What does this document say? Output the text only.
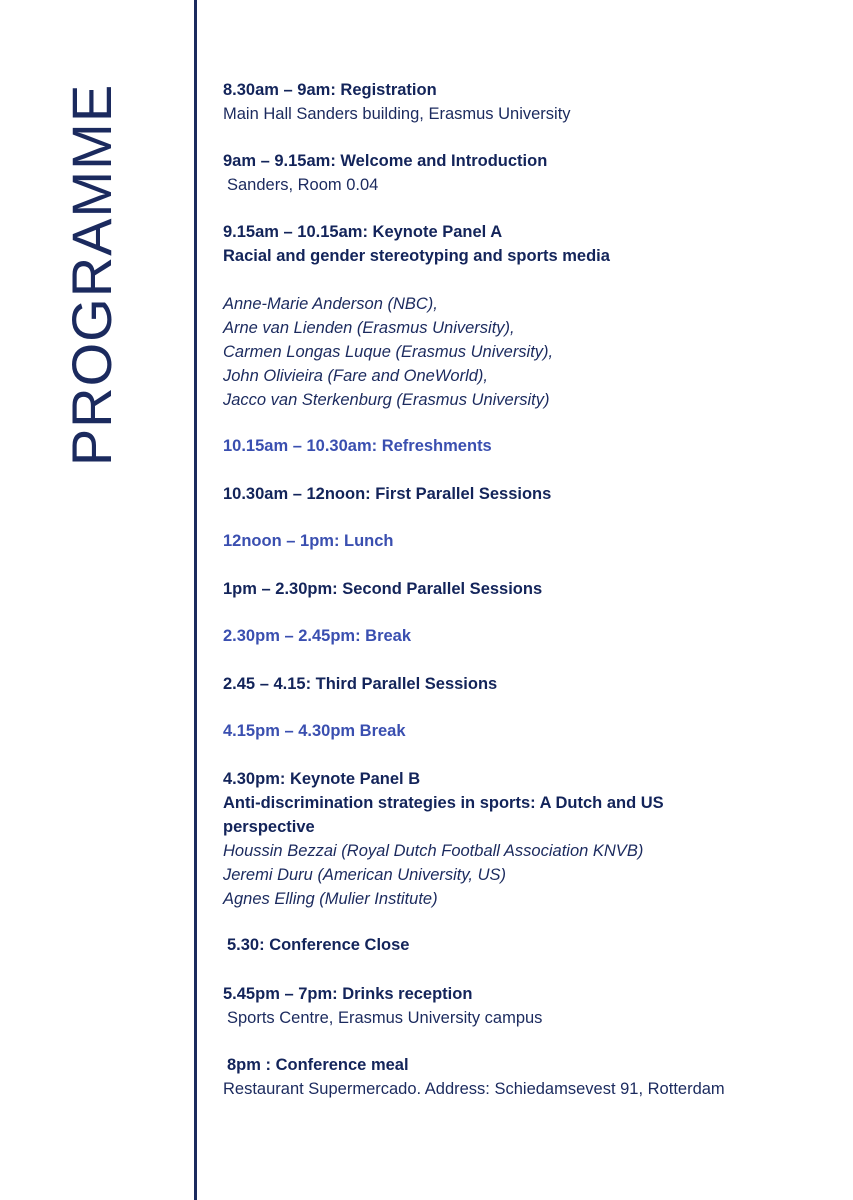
PROGRAMME	8.30am – 9am: Registration
Main Hall Sanders building, Erasmus University
9am – 9.15am: Welcome and Introduction
Sanders, Room 0.04
9.15am – 10.15am: Keynote Panel A
Racial and gender stereotyping and sports media
Anne-Marie Anderson (NBC),
Arne van Lienden (Erasmus University),
Carmen Longas Luque (Erasmus University),
John Olivieira (Fare and OneWorld),
Jacco van Sterkenburg (Erasmus University)
10.15am – 10.30am: Refreshments
10.30am – 12noon: First Parallel Sessions
12noon – 1pm: Lunch
1pm – 2.30pm: Second Parallel Sessions
2.30pm – 2.45pm: Break
2.45 – 4.15: Third Parallel Sessions
4.15pm – 4.30pm Break
4.30pm: Keynote Panel B
Anti-discrimination strategies in sports: A Dutch and US
perspective
Houssin Bezzai (Royal Dutch Football Association KNVB)
Jeremi Duru (American University, US)
Agnes Elling (Mulier Institute)
5.30: Conference Close
5.45pm – 7pm: Drinks reception
Sports Centre, Erasmus University campus
8pm : Conference meal
Restaurant Supermercado. Address: Schiedamsevest 91, Rotterdam
